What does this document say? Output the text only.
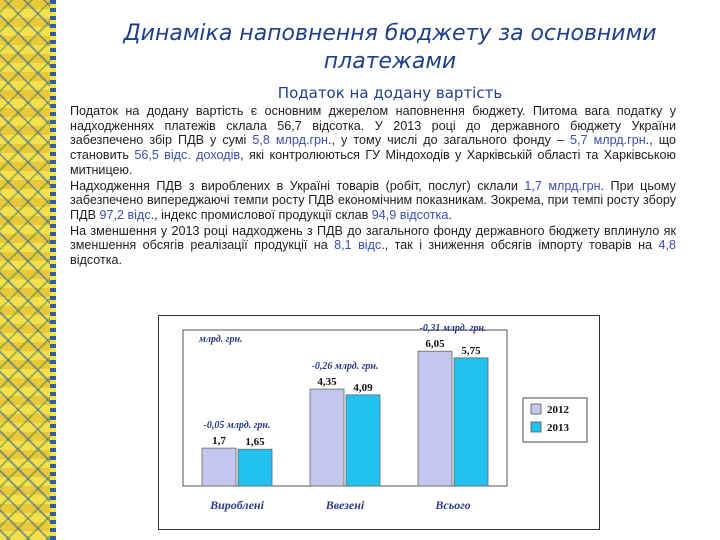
Динаміка наповнення бюджету за основними платежами
Податок на додану вартість

Податок на додану вартість є основним джерелом наповнення бюджету. Питома вага податку у надходженнях платежів склала 56,7 відсотка. У 2013 році до державного бюджету України забезпечено збір ПДВ у сумі 5,8 млрд.грн., у тому числі до загального фонду – 5,7 млрд.грн., що становить 56,5 відс. доходів, які контролюються ГУ Міндоходів у Харківській області та Харківською митницею.

Надходження ПДВ з вироблених в Україні товарів (робіт, послуг) склали 1,7 млрд.грн. При цьому забезпечено випереджаючі темпи росту ПДВ економічним показникам. Зокрема, при темпі росту збору ПДВ 97,2 відс., індекс промислової продукції склав 94,9 відсотка.

На зменшення у 2013 році надходжень з ПДВ до загального фонду державного бюджету вплинуло як зменшення обсягів реалізації продукції на 8,1 відс., так і зниження обсягів імпорту товарів на 4,8 відсотка.

млрд. грн.
1,7 1,65
-0,05 млрд. грн.
Вироблені
4,35 4,09
-0,26 млрд. грн.
Ввезені
6,05
5,75
-0,31 млрд. грн.
Всього
2012
2013
